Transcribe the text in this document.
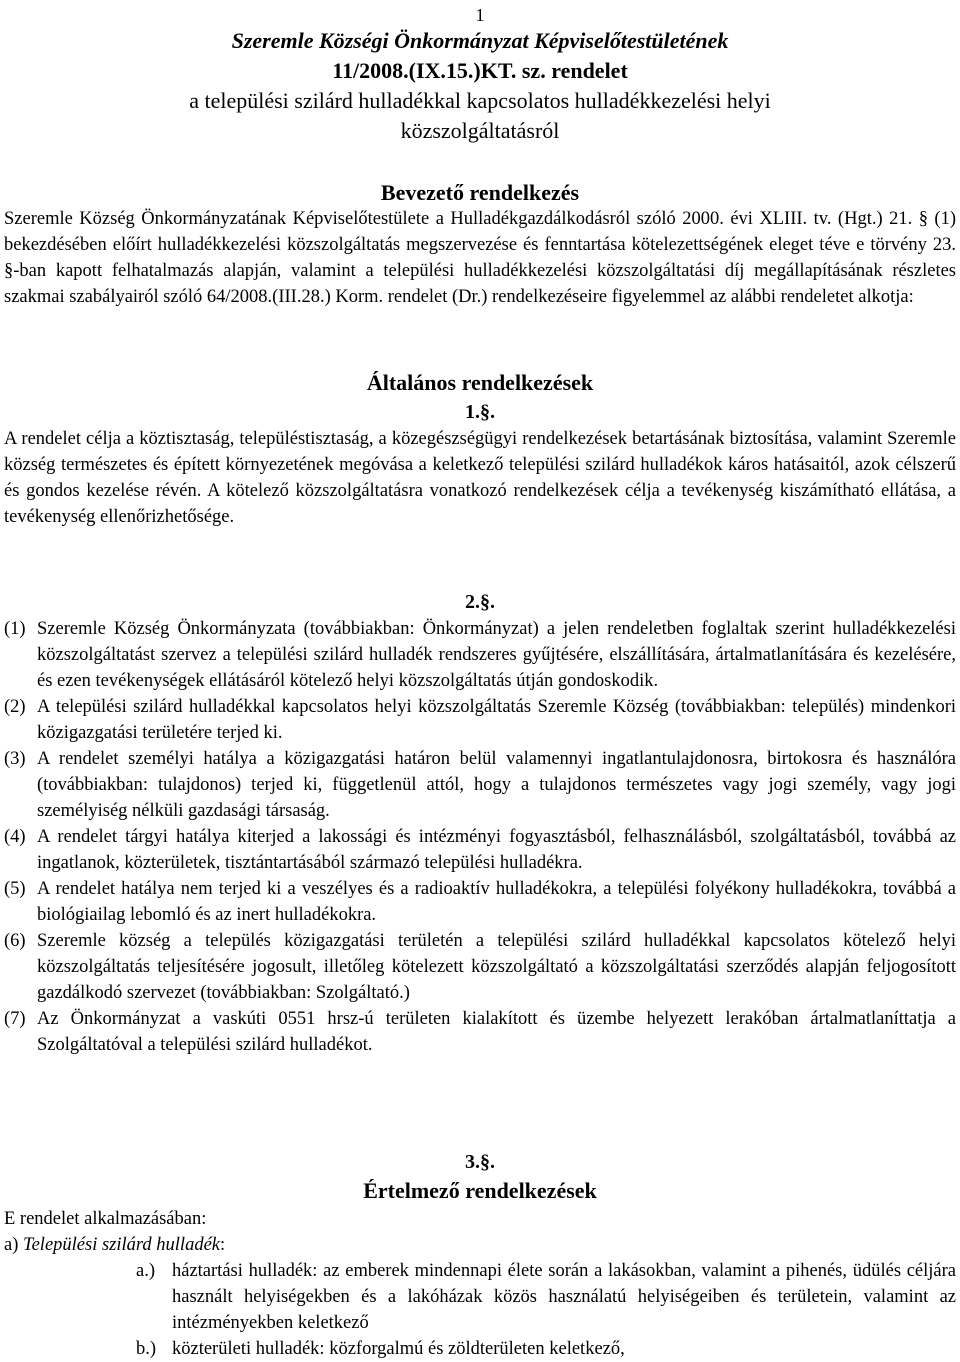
1
Szeremle Községi Önkormányzat Képviselőtestületének
11/2008.(IX.15.)KT. sz. rendelet
a települési szilárd hulladékkal kapcsolatos hulladékkezelési helyi
közszolgáltatásról
Bevezető rendelkezés
Szeremle Község Önkormányzatának Képviselőtestülete a Hulladékgazdálkodásról szóló 2000. évi XLIII. tv. (Hgt.) 21. § (1) bekezdésében előírt hulladékkezelési közszolgáltatás megszervezése és fenntartása kötelezettségének eleget téve e törvény 23. §-ban kapott felhatalmazás alapján, valamint a települési hulladékkezelési közszolgáltatási díj megállapításának részletes szakmai szabályairól szóló 64/2008.(III.28.) Korm. rendelet (Dr.) rendelkezéseire figyelemmel az alábbi rendeletet alkotja:
Általános rendelkezések
1.§.
A rendelet célja a köztisztaság, településtisztaság, a közegészségügyi rendelkezések betartásának biztosítása, valamint Szeremle község természetes és épített környezetének megóvása a keletkező települési szilárd hulladékok káros hatásaitól, azok célszerű és gondos kezelése révén. A kötelező közszolgáltatásra vonatkozó rendelkezések célja a tevékenység kiszámítható ellátása, a tevékenység ellenőrizhetősége.
2.§.
(1) Szeremle Község Önkormányzata (továbbiakban: Önkormányzat) a jelen rendeletben foglaltak szerint hulladékkezelési közszolgáltatást szervez a települési szilárd hulladék rendszeres gyűjtésére, elszállítására, ártalmatlanítására és kezelésére, és ezen tevékenységek ellátásáról kötelező helyi közszolgáltatás útján gondoskodik.
(2) A települési szilárd hulladékkal kapcsolatos helyi közszolgáltatás Szeremle Község (továbbiakban: település) mindenkori közigazgatási területére terjed ki.
(3) A rendelet személyi hatálya a közigazgatási határon belül valamennyi ingatlantulajdonosra, birtokosra és használóra (továbbiakban: tulajdonos) terjed ki, függetlenül attól, hogy a tulajdonos természetes vagy jogi személy, vagy jogi személyiség nélküli gazdasági társaság.
(4) A rendelet tárgyi hatálya kiterjed a lakossági és intézményi fogyasztásból, felhasználásból, szolgáltatásból, továbbá az ingatlanok, közterületek, tisztántartásából származó települési hulladékra.
(5) A rendelet hatálya nem terjed ki a veszélyes és a radioaktív hulladékokra, a települési folyékony hulladékokra, továbbá a biológiailag lebomló és az inert hulladékokra.
(6) Szeremle község a település közigazgatási területén a települési szilárd hulladékkal kapcsolatos kötelező helyi közszolgáltatás teljesítésére jogosult, illetőleg kötelezett közszolgáltató a közszolgáltatási szerződés alapján feljogosított gazdálkodó szervezet (továbbiakban: Szolgáltató.)
(7) Az Önkormányzat a vaskúti 0551 hrsz-ú területen kialakított és üzembe helyezett lerakóban ártalmatlaníttatja a Szolgáltatóval a települési szilárd hulladékot.
3.§.
Értelmező rendelkezések
E rendelet alkalmazásában:
a) Települési szilárd hulladék:
a.) háztartási hulladék: az emberek mindennapi élete során a lakásokban, valamint a pihenés, üdülés céljára használt helyiségekben és a lakóházak közös használatú helyiségeiben és területein, valamint az intézményekben keletkező
b.) közterületi hulladék: közforgalmú és zöldterületen keletkező,
